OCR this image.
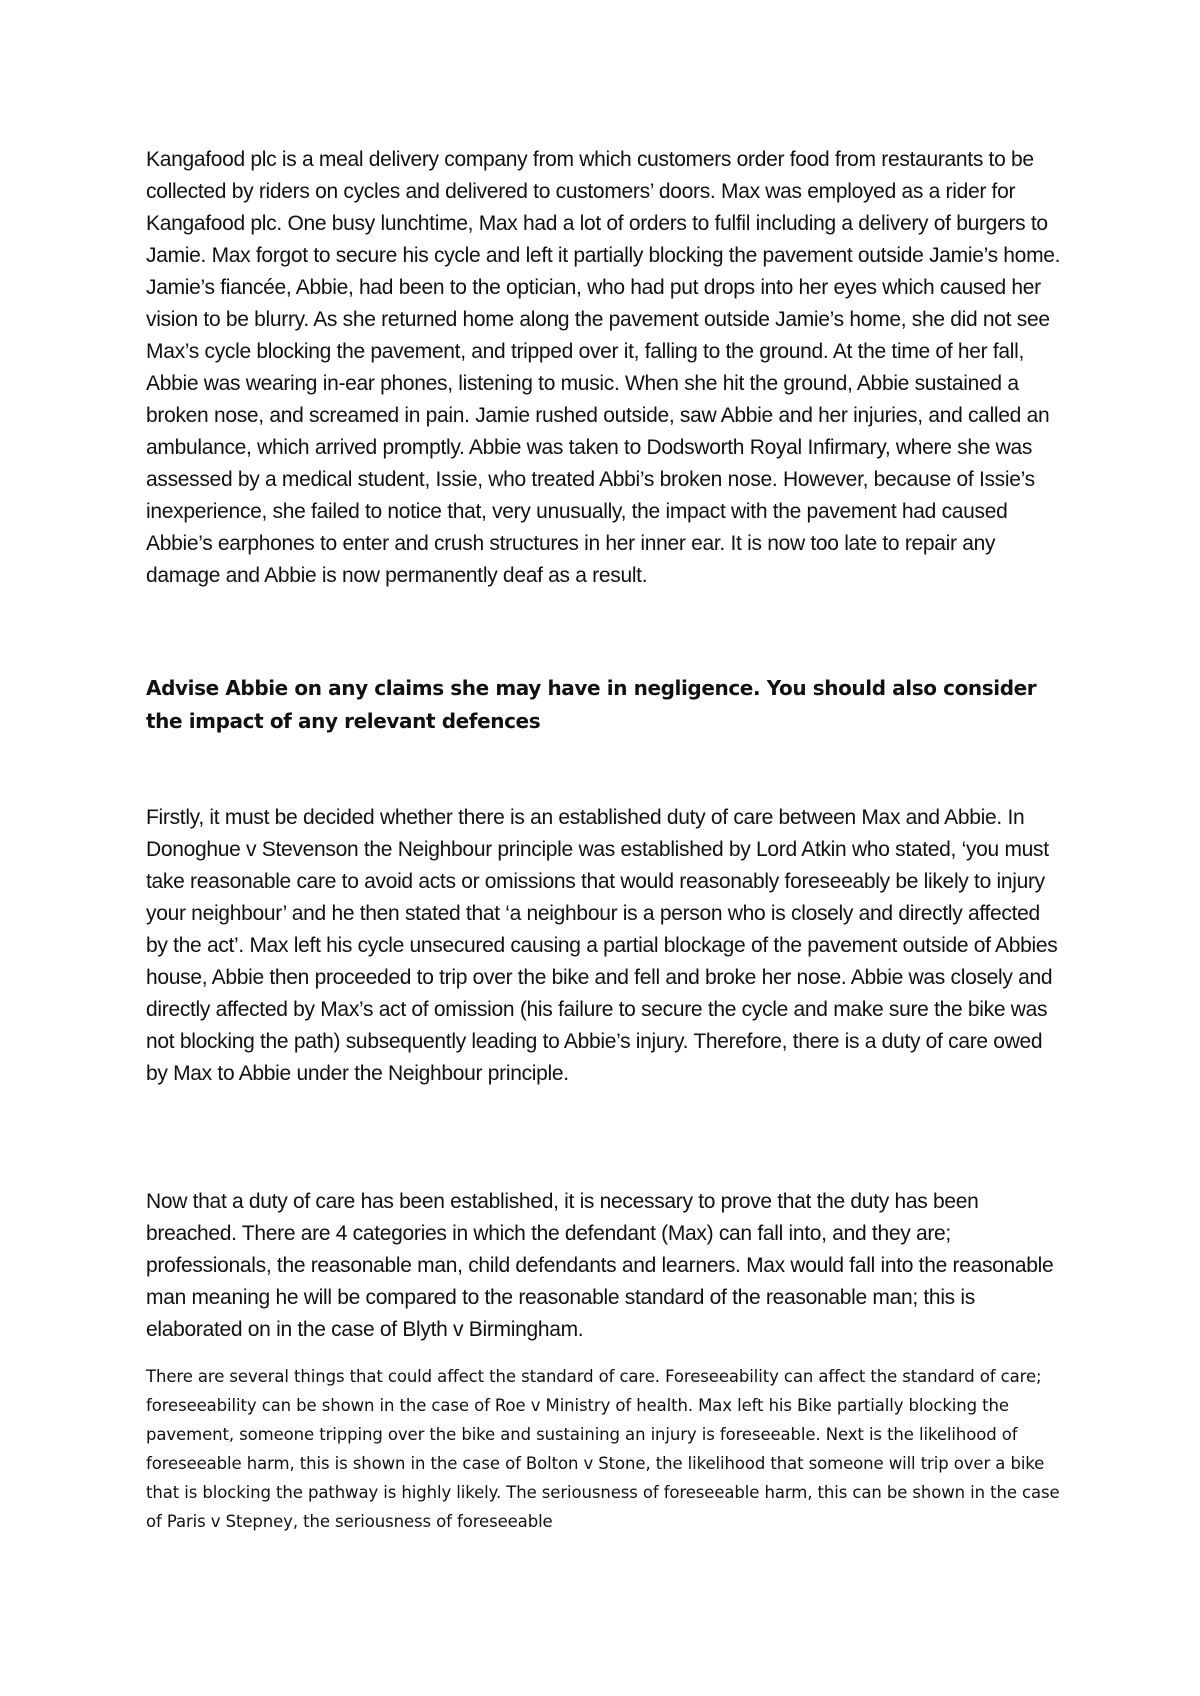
Kangafood plc is a meal delivery company from which customers order food from restaurants to be collected by riders on cycles and delivered to customers’ doors. Max was employed as a rider for Kangafood plc. One busy lunchtime, Max had a lot of orders to fulfil including a delivery of burgers to Jamie. Max forgot to secure his cycle and left it partially blocking the pavement outside Jamie’s home. Jamie’s fiancée, Abbie, had been to the optician, who had put drops into her eyes which caused her vision to be blurry. As she returned home along the pavement outside Jamie’s home, she did not see Max’s cycle blocking the pavement, and tripped over it, falling to the ground. At the time of her fall, Abbie was wearing in-ear phones, listening to music. When she hit the ground, Abbie sustained a broken nose, and screamed in pain. Jamie rushed outside, saw Abbie and her injuries, and called an ambulance, which arrived promptly. Abbie was taken to Dodsworth Royal Infirmary, where she was assessed by a medical student, Issie, who treated Abbi’s broken nose. However, because of Issie’s inexperience, she failed to notice that, very unusually, the impact with the pavement had caused Abbie’s earphones to enter and crush structures in her inner ear. It is now too late to repair any damage and Abbie is now permanently deaf as a result.

Advise Abbie on any claims she may have in negligence. You should also consider the impact of any relevant defences

Firstly, it must be decided whether there is an established duty of care between Max and Abbie. In Donoghue v Stevenson the Neighbour principle was established by Lord Atkin who stated, ‘you must take reasonable care to avoid acts or omissions that would reasonably foreseeably be likely to injury your neighbour’ and he then stated that ‘a neighbour is a person who is closely and directly affected by the act’. Max left his cycle unsecured causing a partial blockage of the pavement outside of Abbies house, Abbie then proceeded to trip over the bike and fell and broke her nose. Abbie was closely and directly affected by Max’s act of omission (his failure to secure the cycle and make sure the bike was not blocking the path) subsequently leading to Abbie’s injury. Therefore, there is a duty of care owed by Max to Abbie under the Neighbour principle.

Now that a duty of care has been established, it is necessary to prove that the duty has been breached. There are 4 categories in which the defendant (Max) can fall into, and they are; professionals, the reasonable man, child defendants and learners. Max would fall into the reasonable man meaning he will be compared to the reasonable standard of the reasonable man; this is elaborated on in the case of Blyth v Birmingham.

There are several things that could affect the standard of care. Foreseeability can affect the standard of care; foreseeability can be shown in the case of Roe v Ministry of health. Max left his Bike partially blocking the pavement, someone tripping over the bike and sustaining an injury is foreseeable. Next is the likelihood of foreseeable harm, this is shown in the case of Bolton v Stone, the likelihood that someone will trip over a bike that is blocking the pathway is highly likely. The seriousness of foreseeable harm, this can be shown in the case of Paris v Stepney, the seriousness of foreseeable
